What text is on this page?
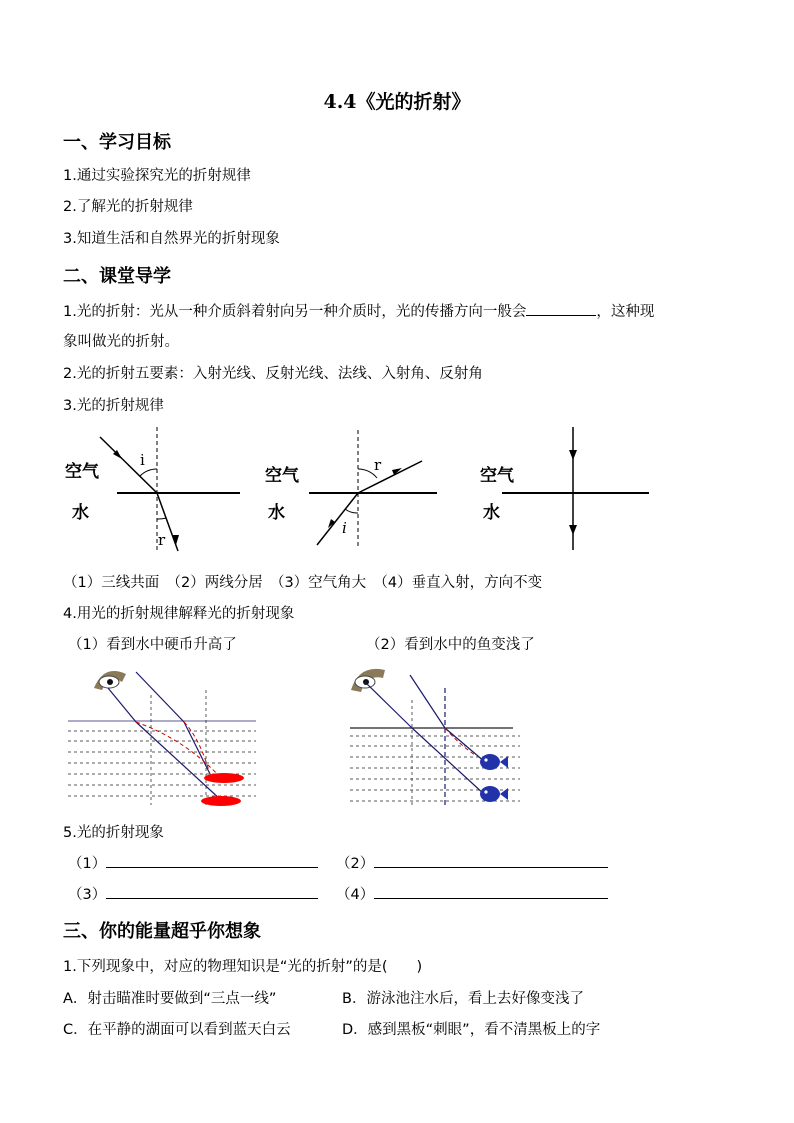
4.4《光的折射》
一、学习目标
1.通过实验探究光的折射规律
2.了解光的折射规律
3.知道生活和自然界光的折射现象
二、课堂导学
1.光的折射：光从一种介质斜着射向另一种介质时，光的传播方向一般会	，这种现
象叫做光的折射。
2.光的折射五要素：入射光线、反射光线、法线、入射角、反射角
3.光的折射规律
空气
水
i
r
空气
水
r
i
空气
水
（1）三线共面　（2）两线分居　（3）空气角大　（4）垂直入射，方向不变
4.用光的折射规律解释光的折射现象
（1）看到水中硬币升高了	（2）看到水中的鱼变浅了
5.光的折射现象
（1）	（2）
（3）	（4）
三、你的能量超乎你想象
1.下列现象中，对应的物理知识是“光的折射”的是(　　)
A．射击瞄准时要做到“三点一线”	B．游泳池注水后，看上去好像变浅了
C．在平静的湖面可以看到蓝天白云	D．感到黑板“刺眼”，看不清黑板上的字
